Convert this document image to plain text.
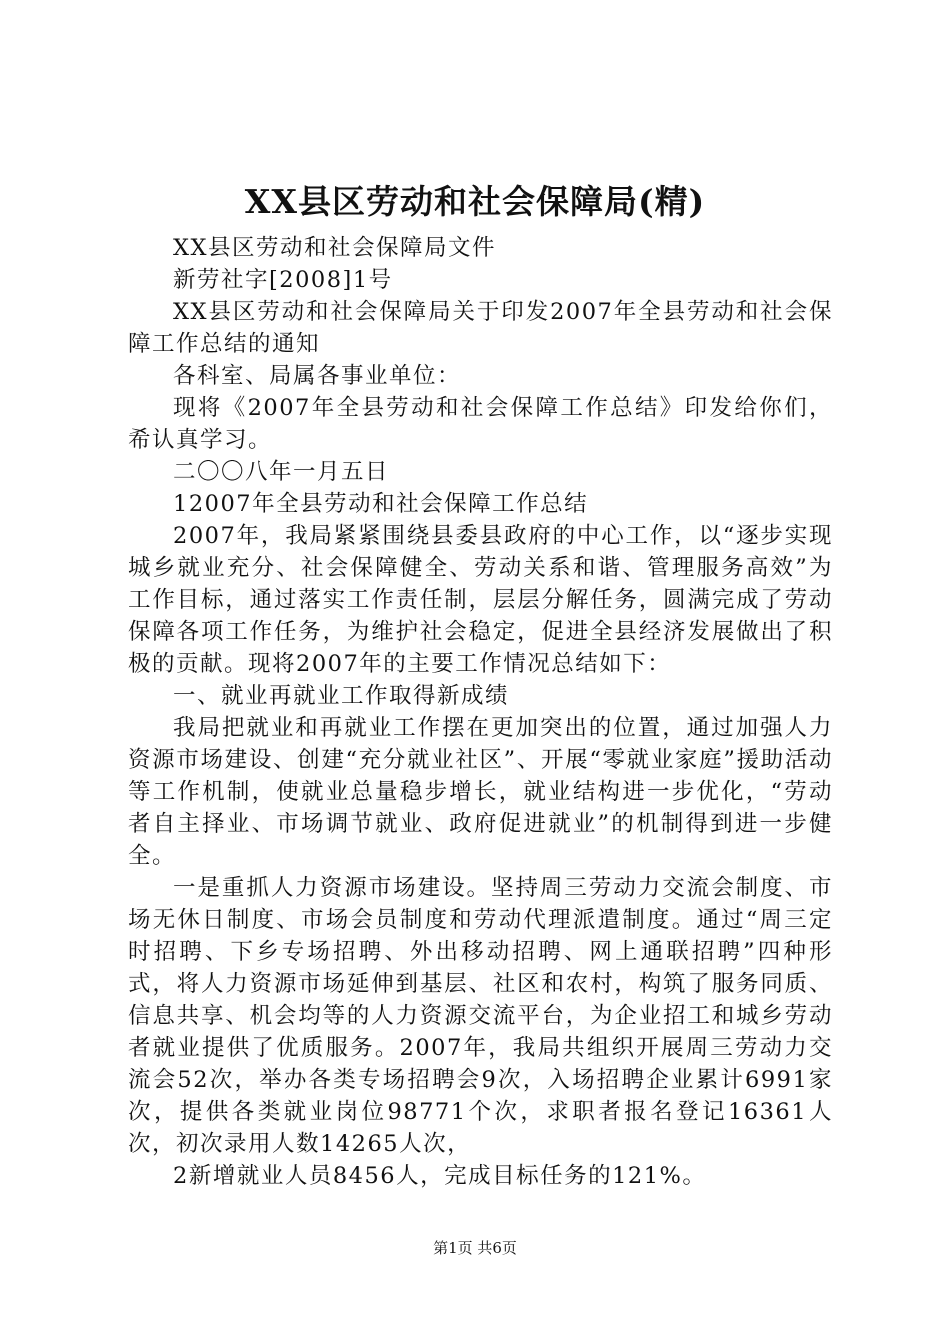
XX县区劳动和社会保障局(精)

XX县区劳动和社会保障局文件

新劳社字[2008]1号

XX县区劳动和社会保障局关于印发2007年全县劳动和社会保障工作总结的通知

各科室、局属各事业单位：

现将《2007年全县劳动和社会保障工作总结》印发给你们，希认真学习。

二〇〇八年一月五日

12007年全县劳动和社会保障工作总结

2007年，我局紧紧围绕县委县政府的中心工作，以“逐步实现城乡就业充分、社会保障健全、劳动关系和谐、管理服务高效”为工作目标，通过落实工作责任制，层层分解任务，圆满完成了劳动保障各项工作任务，为维护社会稳定，促进全县经济发展做出了积极的贡献。现将2007年的主要工作情况总结如下：

一、就业再就业工作取得新成绩

我局把就业和再就业工作摆在更加突出的位置，通过加强人力资源市场建设、创建“充分就业社区”、开展“零就业家庭”援助活动等工作机制，使就业总量稳步增长，就业结构进一步优化，“劳动者自主择业、市场调节就业、政府促进就业”的机制得到进一步健全。

一是重抓人力资源市场建设。坚持周三劳动力交流会制度、市场无休日制度、市场会员制度和劳动代理派遣制度。通过“周三定时招聘、下乡专场招聘、外出移动招聘、网上通联招聘”四种形式，将人力资源市场延伸到基层、社区和农村，构筑了服务同质、信息共享、机会均等的人力资源交流平台，为企业招工和城乡劳动者就业提供了优质服务。2007年，我局共组织开展周三劳动力交流会52次，举办各类专场招聘会9次，入场招聘企业累计6991家次，提供各类就业岗位98771个次，求职者报名登记16361人次，初次录用人数14265人次，

2新增就业人员8456人，完成目标任务的121%。

第1页 共6页
